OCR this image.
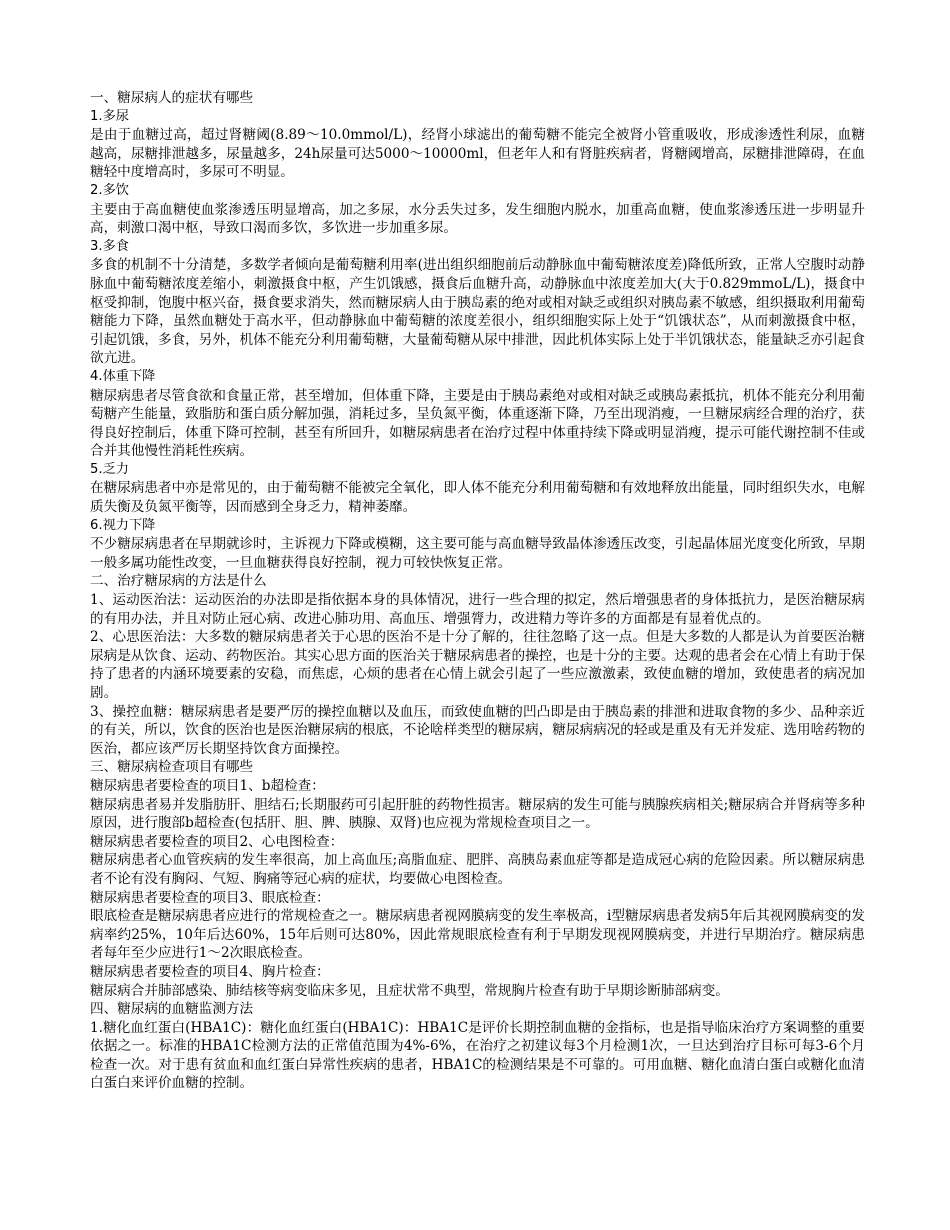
一、糖尿病人的症状有哪些
1.多尿
是由于血糖过高，超过肾糖阈(8.89～10.0mmol/L)，经肾小球滤出的葡萄糖不能完全被肾小管重吸收，形成渗透性利尿，血糖越高，尿糖排泄越多，尿量越多，24h尿量可达5000～10000ml，但老年人和有肾脏疾病者，肾糖阈增高，尿糖排泄障碍，在血糖轻中度增高时，多尿可不明显。
2.多饮
主要由于高血糖使血浆渗透压明显增高，加之多尿，水分丢失过多，发生细胞内脱水，加重高血糖，使血浆渗透压进一步明显升高，刺激口渴中枢，导致口渴而多饮，多饮进一步加重多尿。
3.多食
多食的机制不十分清楚，多数学者倾向是葡萄糖利用率(进出组织细胞前后动静脉血中葡萄糖浓度差)降低所致，正常人空腹时动静脉血中葡萄糖浓度差缩小，刺激摄食中枢，产生饥饿感，摄食后血糖升高，动静脉血中浓度差加大(大于0.829mmoL/L)，摄食中枢受抑制，饱腹中枢兴奋，摄食要求消失，然而糖尿病人由于胰岛素的绝对或相对缺乏或组织对胰岛素不敏感，组织摄取利用葡萄糖能力下降，虽然血糖处于高水平，但动静脉血中葡萄糖的浓度差很小，组织细胞实际上处于“饥饿状态”，从而刺激摄食中枢，引起饥饿，多食，另外，机体不能充分利用葡萄糖，大量葡萄糖从尿中排泄，因此机体实际上处于半饥饿状态，能量缺乏亦引起食欲亢进。
4.体重下降
糖尿病患者尽管食欲和食量正常，甚至增加，但体重下降，主要是由于胰岛素绝对或相对缺乏或胰岛素抵抗，机体不能充分利用葡萄糖产生能量，致脂肪和蛋白质分解加强，消耗过多，呈负氮平衡，体重逐渐下降，乃至出现消瘦，一旦糖尿病经合理的治疗，获得良好控制后，体重下降可控制，甚至有所回升，如糖尿病患者在治疗过程中体重持续下降或明显消瘦，提示可能代谢控制不佳或合并其他慢性消耗性疾病。
5.乏力
在糖尿病患者中亦是常见的，由于葡萄糖不能被完全氧化，即人体不能充分利用葡萄糖和有效地释放出能量，同时组织失水，电解质失衡及负氮平衡等，因而感到全身乏力，精神萎靡。
6.视力下降
不少糖尿病患者在早期就诊时，主诉视力下降或模糊，这主要可能与高血糖导致晶体渗透压改变，引起晶体屈光度变化所致，早期一般多属功能性改变，一旦血糖获得良好控制，视力可较快恢复正常。
二、治疗糖尿病的方法是什么
1、运动医治法：运动医治的办法即是指依据本身的具体情况，进行一些合理的拟定，然后增强患者的身体抵抗力，是医治糖尿病的有用办法，并且对防止冠心病、改进心肺功用、高血压、增强膂力，改进精力等许多的方面都是有显着优点的。
2、心思医治法：大多数的糖尿病患者关于心思的医治不是十分了解的，往往忽略了这一点。但是大多数的人都是认为首要医治糖尿病是从饮食、运动、药物医治。其实心思方面的医治关于糖尿病患者的操控，也是十分的主要。达观的患者会在心情上有助于保持了患者的内涵环境要素的安稳，而焦虑，心烦的患者在心情上就会引起了一些应激激素，致使血糖的增加，致使患者的病况加剧。
3、操控血糖：糖尿病患者是要严厉的操控血糖以及血压，而致使血糖的凹凸即是由于胰岛素的排泄和进取食物的多少、品种亲近的有关，所以，饮食的医治也是医治糖尿病的根底，不论啥样类型的糖尿病，糖尿病病况的轻或是重及有无并发症、选用啥药物的医治，都应该严厉长期坚持饮食方面操控。
三、糖尿病检查项目有哪些
糖尿病患者要检查的项目1、b超检查：
糖尿病患者易并发脂肪肝、胆结石;长期服药可引起肝脏的药物性损害。糖尿病的发生可能与胰腺疾病相关;糖尿病合并肾病等多种原因，进行腹部b超检查(包括肝、胆、脾、胰腺、双肾)也应视为常规检查项目之一。
糖尿病患者要检查的项目2、心电图检查：
糖尿病患者心血管疾病的发生率很高，加上高血压;高脂血症、肥胖、高胰岛素血症等都是造成冠心病的危险因素。所以糖尿病患者不论有没有胸闷、气短、胸痛等冠心病的症状，均要做心电图检查。
糖尿病患者要检查的项目3、眼底检查：
眼底检查是糖尿病患者应进行的常规检查之一。糖尿病患者视网膜病变的发生率极高，ⅰ型糖尿病患者发病5年后其视网膜病变的发病率约25%，10年后达60%，15年后则可达80%，因此常规眼底检查有利于早期发现视网膜病变，并进行早期治疗。糖尿病患者每年至少应进行1～2次眼底检查。
糖尿病患者要检查的项目4、胸片检查：
糖尿病合并肺部感染、肺结核等病变临床多见，且症状常不典型，常规胸片检查有助于早期诊断肺部病变。
四、糖尿病的血糖监测方法
1.糖化血红蛋白(HBA1C)：糖化血红蛋白(HBA1C)：HBA1C是评价长期控制血糖的金指标，也是指导临床治疗方案调整的重要依据之一。标准的HBA1C检测方法的正常值范围为4%-6%，在治疗之初建议每3个月检测1次，一旦达到治疗目标可每3-6个月检查一次。对于患有贫血和血红蛋白异常性疾病的患者，HBA1C的检测结果是不可靠的。可用血糖、糖化血清白蛋白或糖化血清白蛋白来评价血糖的控制。
